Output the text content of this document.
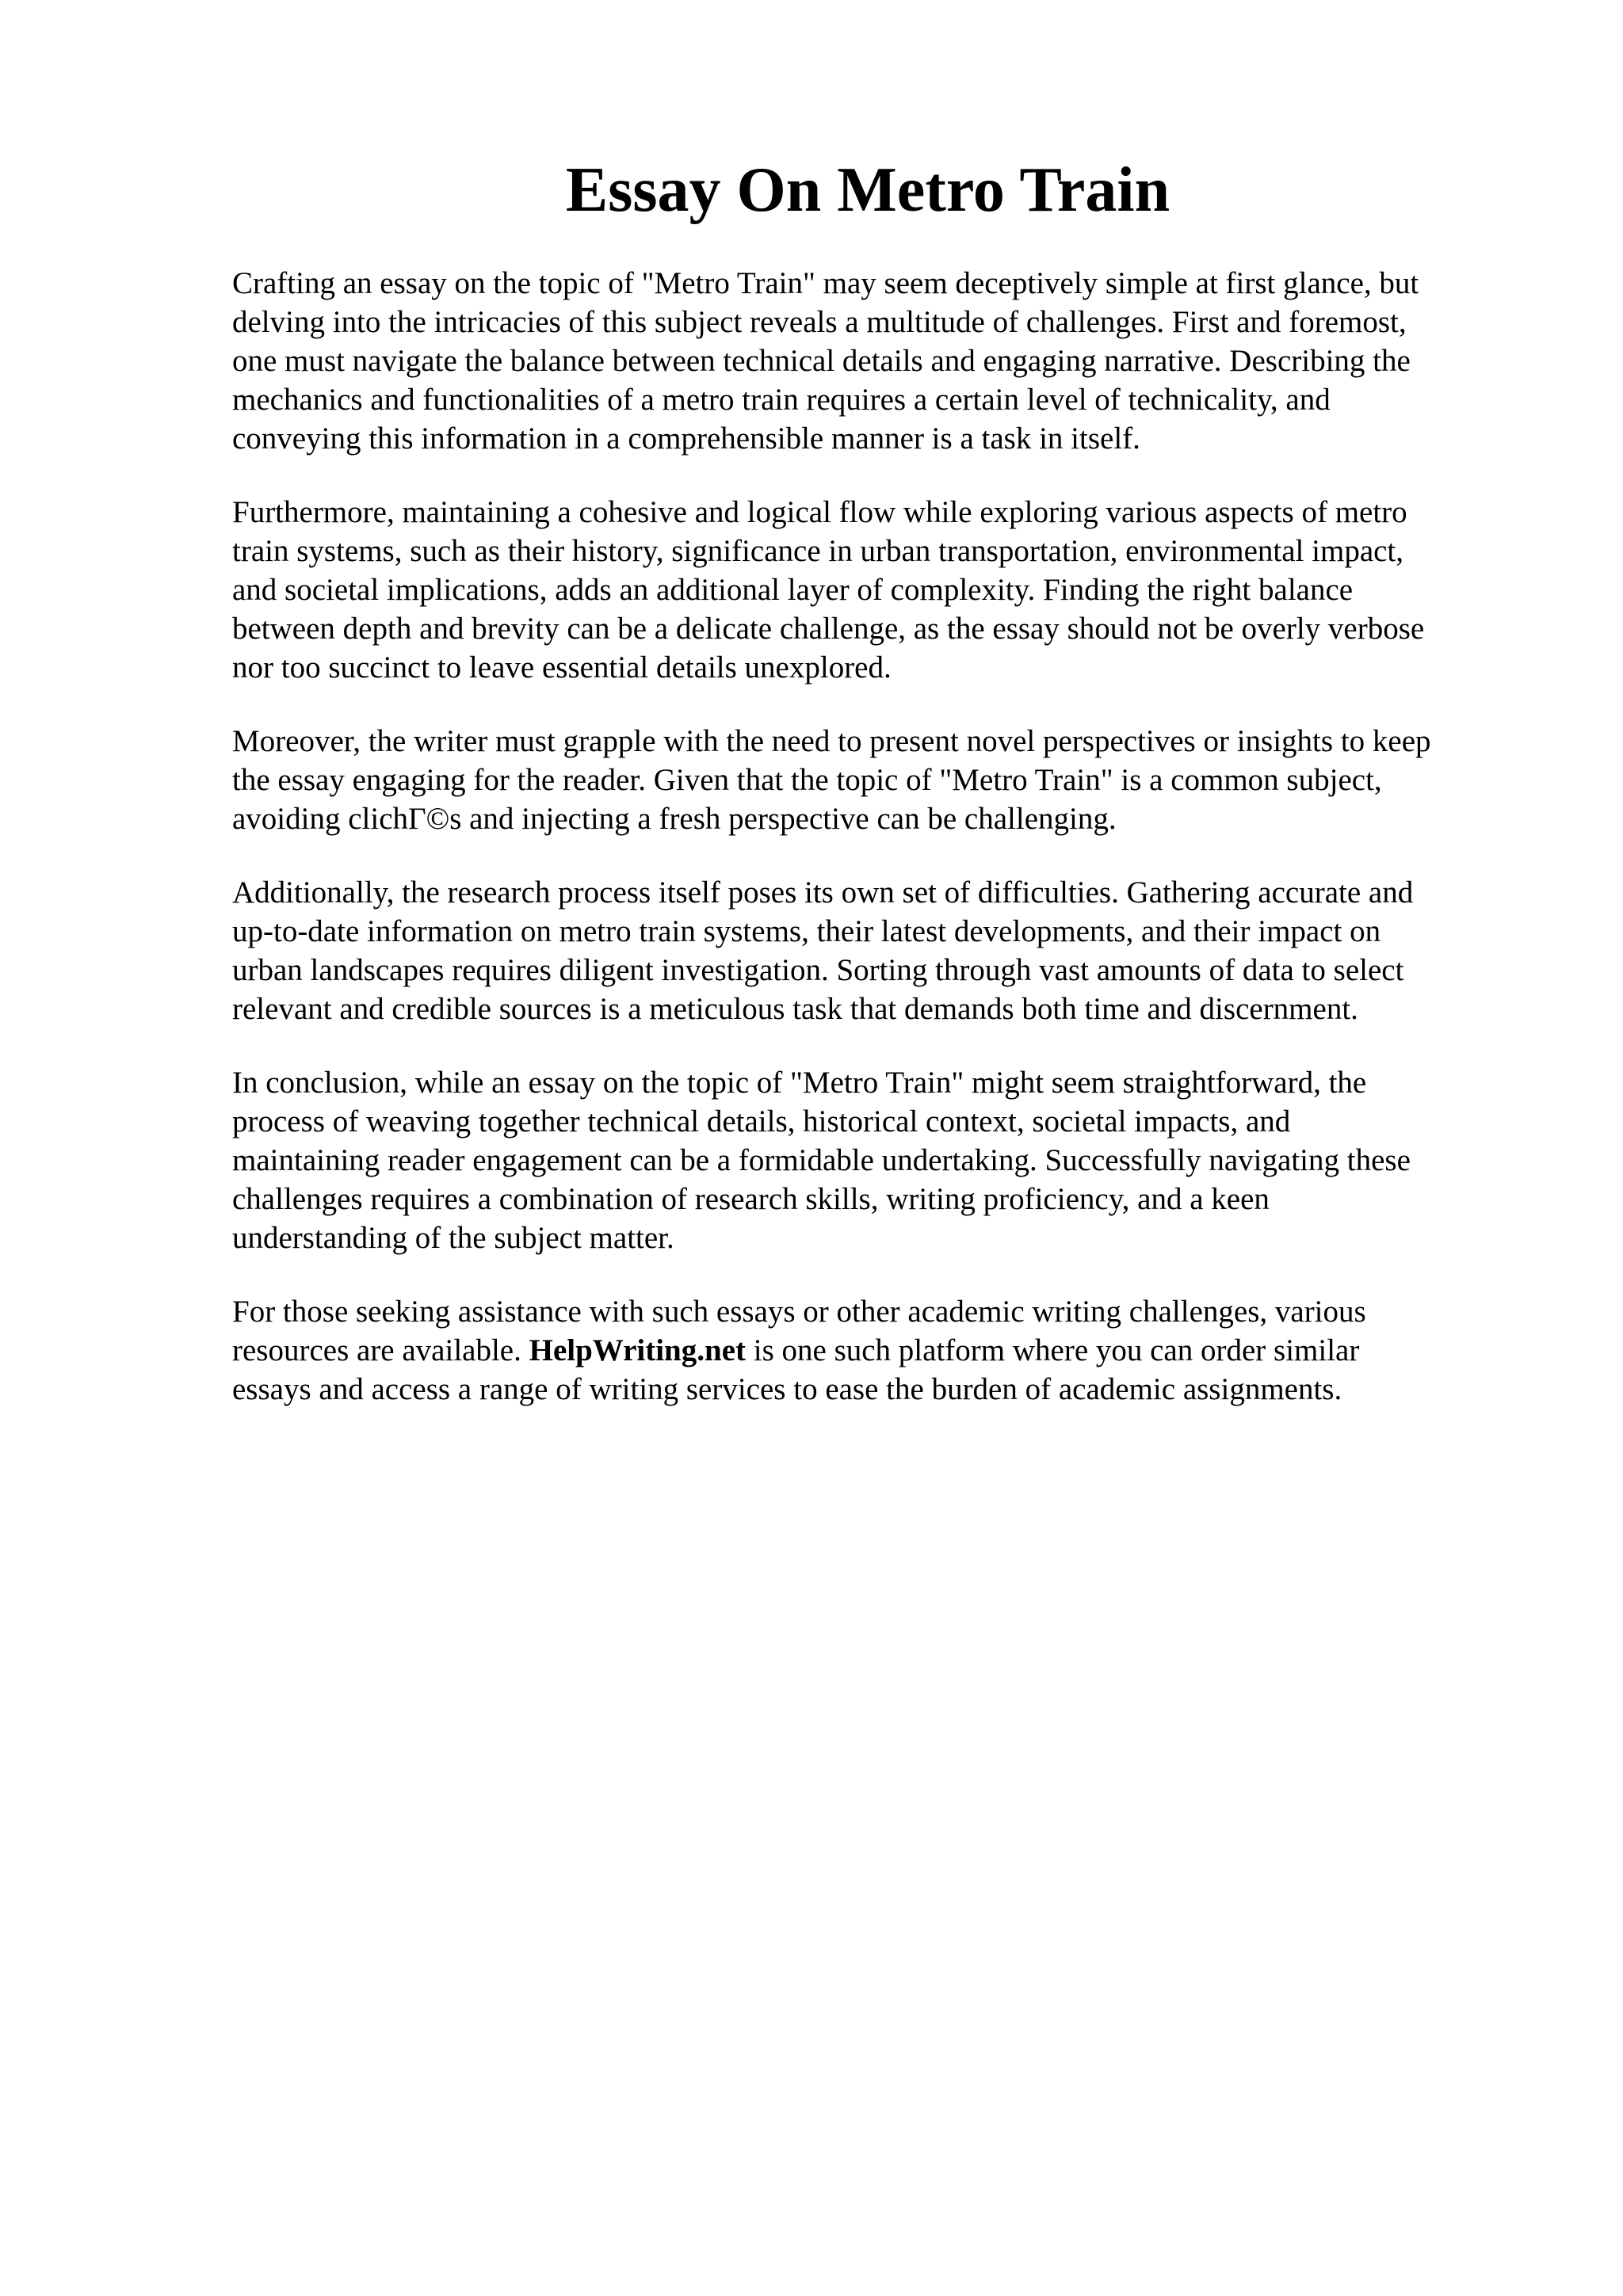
Essay On Metro Train

Crafting an essay on the topic of "Metro Train" may seem deceptively simple at first glance, but
delving into the intricacies of this subject reveals a multitude of challenges. First and foremost,
one must navigate the balance between technical details and engaging narrative. Describing the
mechanics and functionalities of a metro train requires a certain level of technicality, and
conveying this information in a comprehensible manner is a task in itself.

Furthermore, maintaining a cohesive and logical flow while exploring various aspects of metro
train systems, such as their history, significance in urban transportation, environmental impact,
and societal implications, adds an additional layer of complexity. Finding the right balance
between depth and brevity can be a delicate challenge, as the essay should not be overly verbose
nor too succinct to leave essential details unexplored.

Moreover, the writer must grapple with the need to present novel perspectives or insights to keep
the essay engaging for the reader. Given that the topic of "Metro Train" is a common subject,
avoiding clichΓ©s and injecting a fresh perspective can be challenging.

Additionally, the research process itself poses its own set of difficulties. Gathering accurate and
up-to-date information on metro train systems, their latest developments, and their impact on
urban landscapes requires diligent investigation. Sorting through vast amounts of data to select
relevant and credible sources is a meticulous task that demands both time and discernment.

In conclusion, while an essay on the topic of "Metro Train" might seem straightforward, the
process of weaving together technical details, historical context, societal impacts, and
maintaining reader engagement can be a formidable undertaking. Successfully navigating these
challenges requires a combination of research skills, writing proficiency, and a keen
understanding of the subject matter.

For those seeking assistance with such essays or other academic writing challenges, various
resources are available. HelpWriting.net is one such platform where you can order similar
essays and access a range of writing services to ease the burden of academic assignments.
